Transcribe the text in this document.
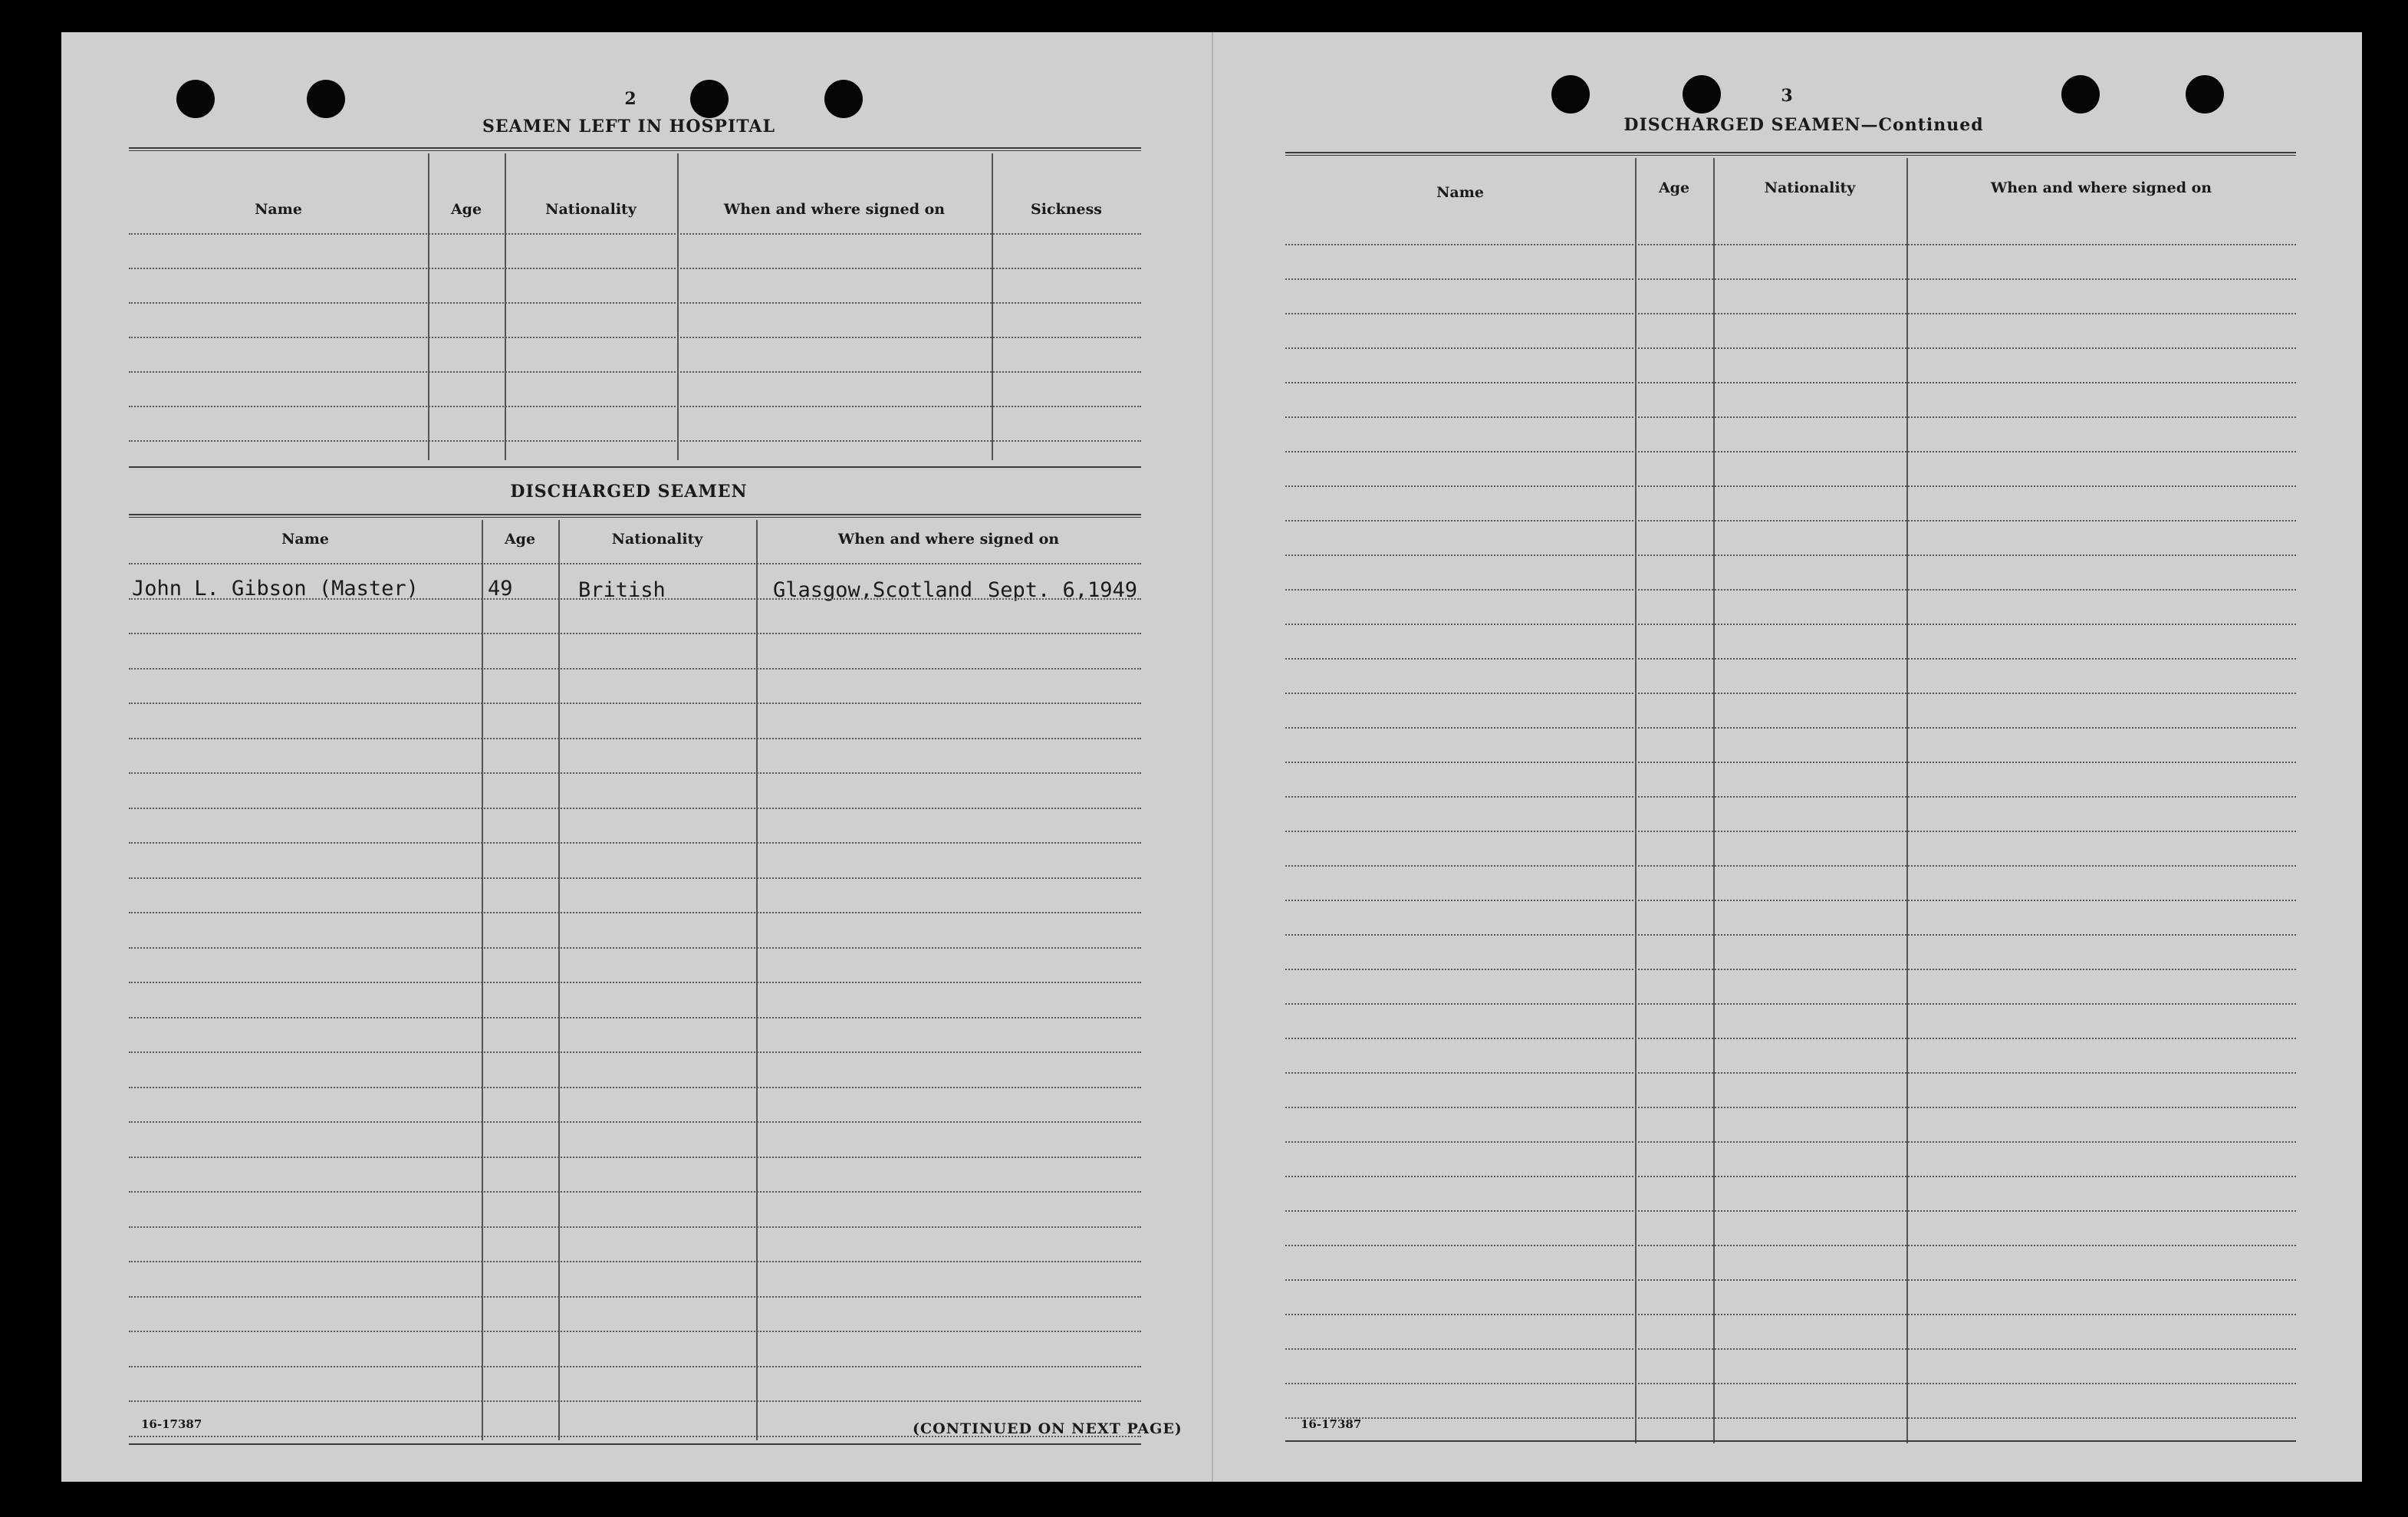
2
SEAMEN LEFT IN HOSPITAL
Name	Age	Nationality	When and where signed on	Sickness
DISCHARGED SEAMEN
Name	Age	Nationality	When and where signed on
John L. Gibson (Master)	49	British	Glasgow,Scotland Sept. 6,1949
16-17387	(CONTINUED ON NEXT PAGE)
3
DISCHARGED SEAMEN—Continued
Name	Age	Nationality	When and where signed on
16-17387
